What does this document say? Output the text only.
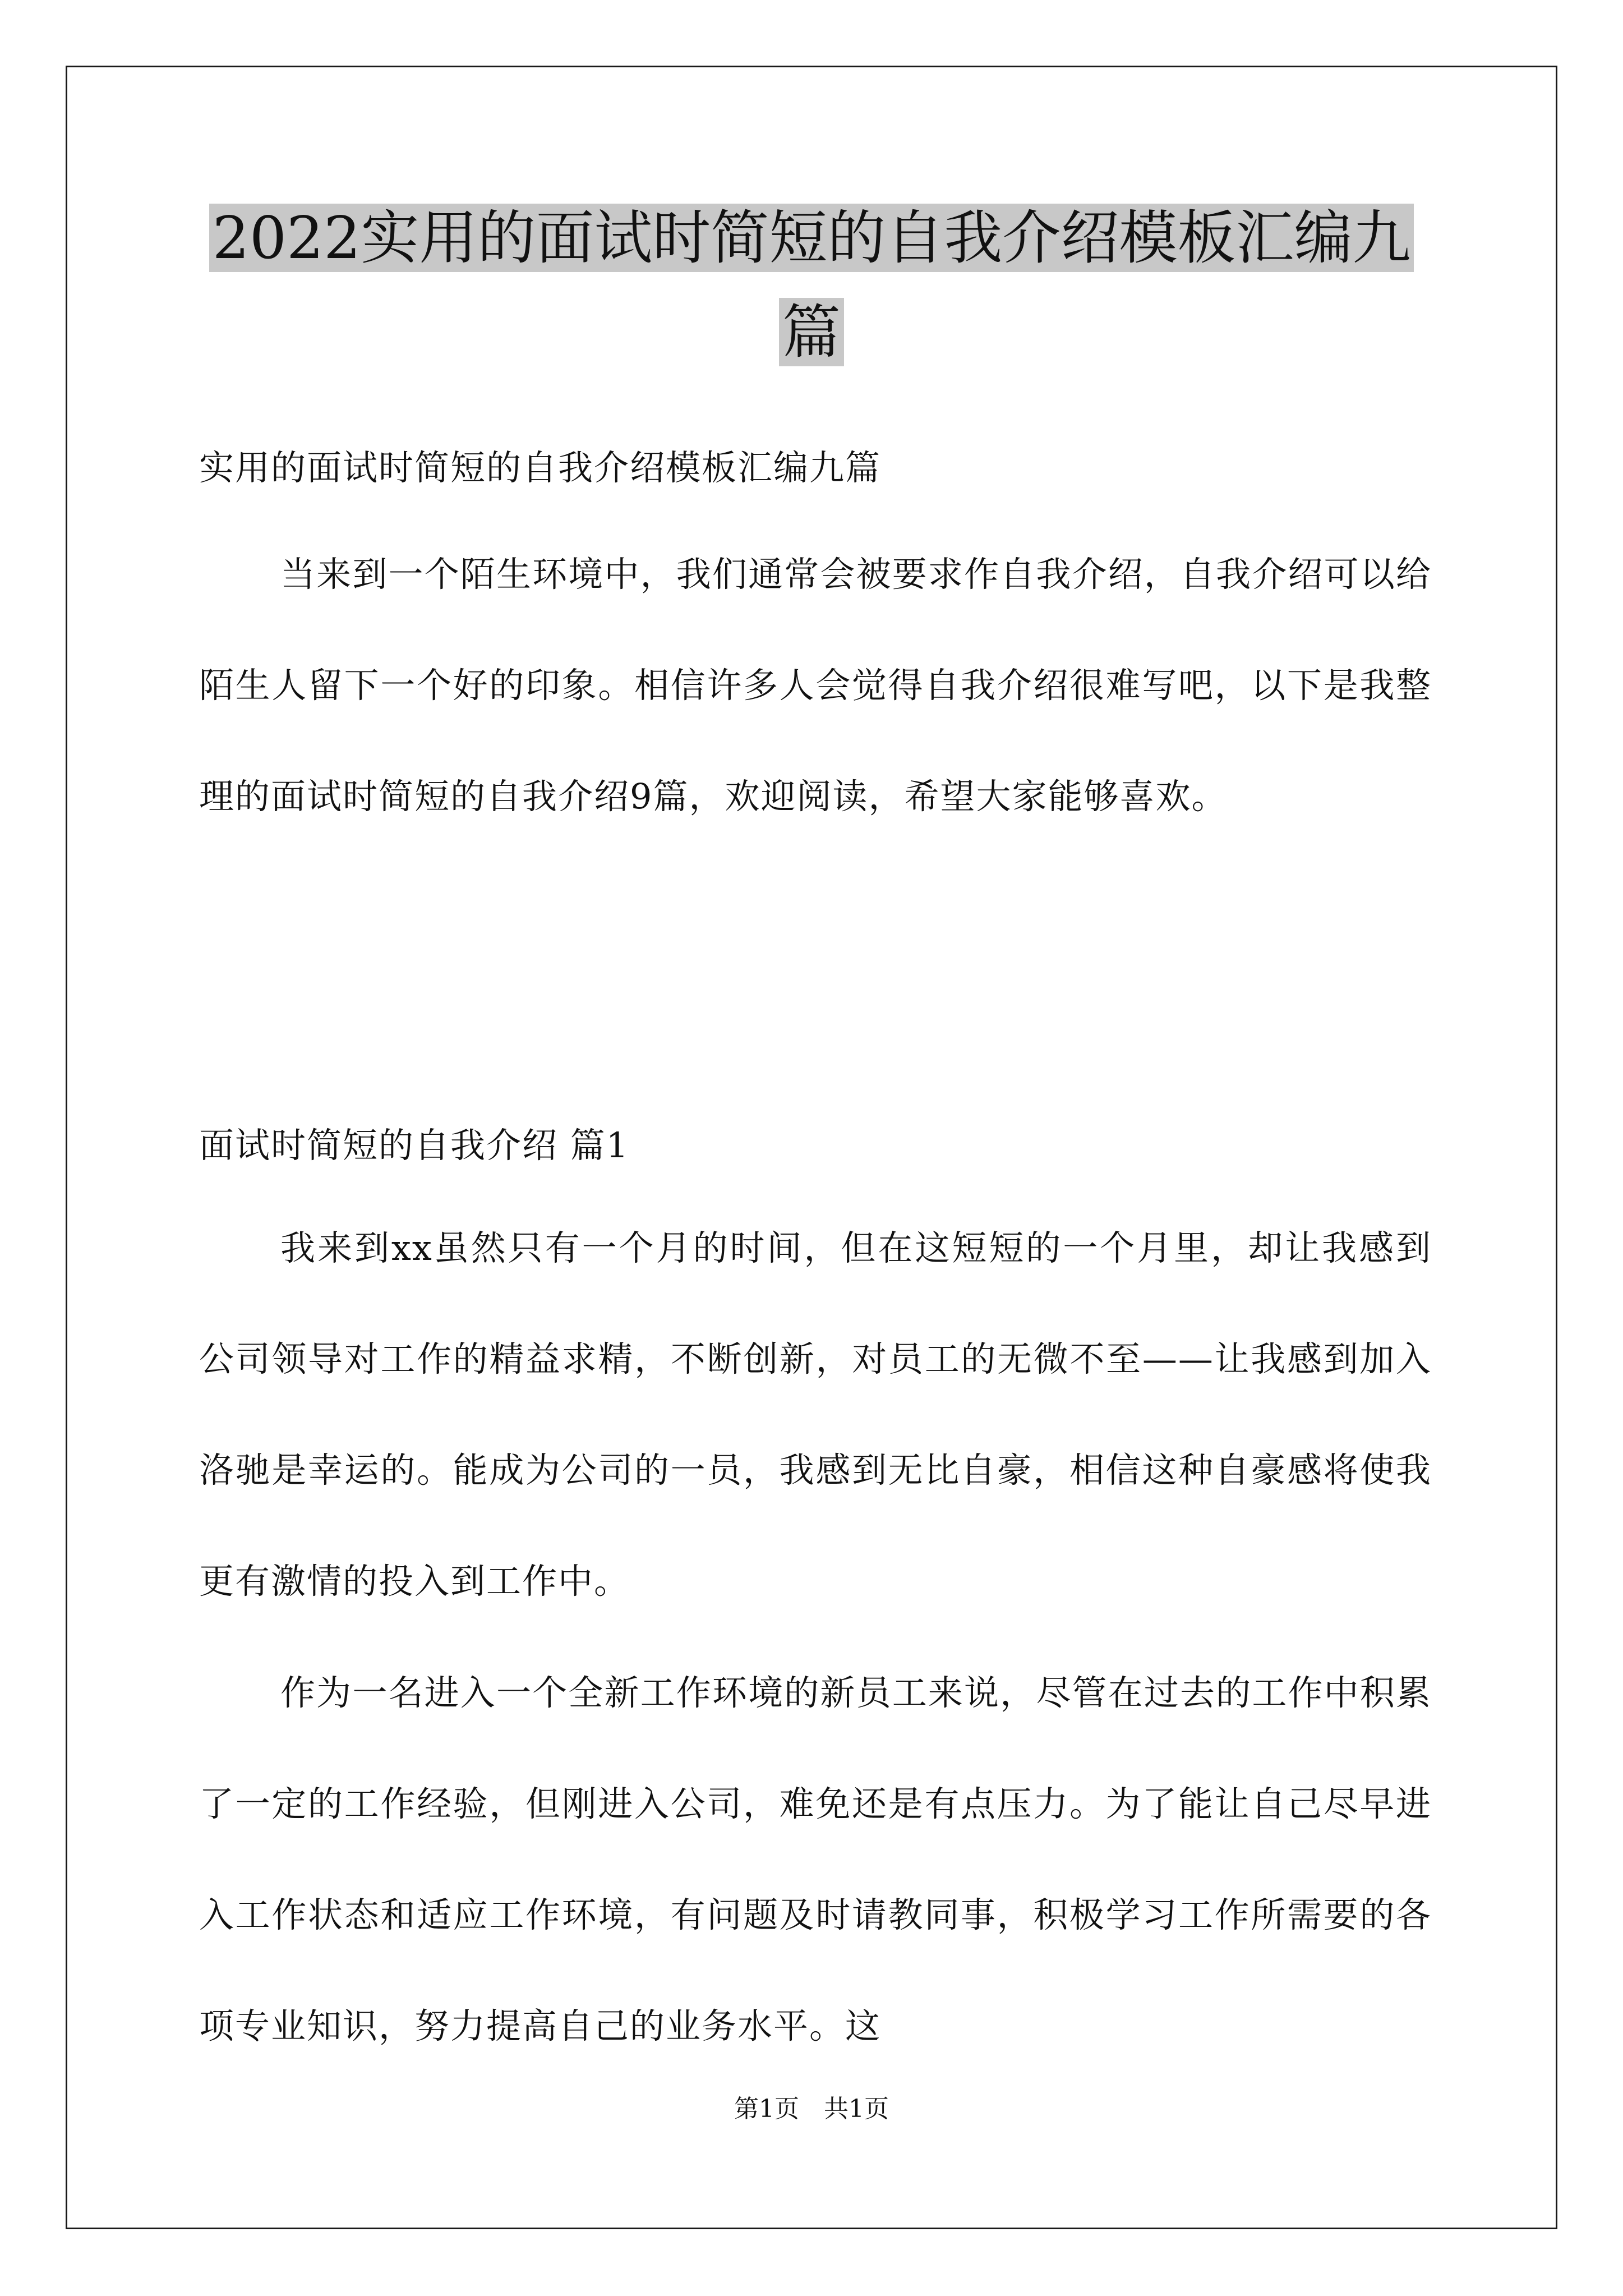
2022实用的面试时简短的自我介绍模板汇编九篇

实用的面试时简短的自我介绍模板汇编九篇

当来到一个陌生环境中，我们通常会被要求作自我介绍，自我介绍可以给陌生人留下一个好的印象。相信许多人会觉得自我介绍很难写吧，以下是我整理的面试时简短的自我介绍9篇，欢迎阅读，希望大家能够喜欢。

面试时简短的自我介绍 篇1

我来到xx虽然只有一个月的时间，但在这短短的一个月里，却让我感到公司领导对工作的精益求精，不断创新，对员工的无微不至——让我感到加入洛驰是幸运的。能成为公司的一员，我感到无比自豪，相信这种自豪感将使我更有激情的投入到工作中。

作为一名进入一个全新工作环境的新员工来说，尽管在过去的工作中积累了一定的工作经验，但刚进入公司，难免还是有点压力。为了能让自己尽早进入工作状态和适应工作环境，有问题及时请教同事，积极学习工作所需要的各项专业知识，努力提高自己的业务水平。这

第1页　共1页
